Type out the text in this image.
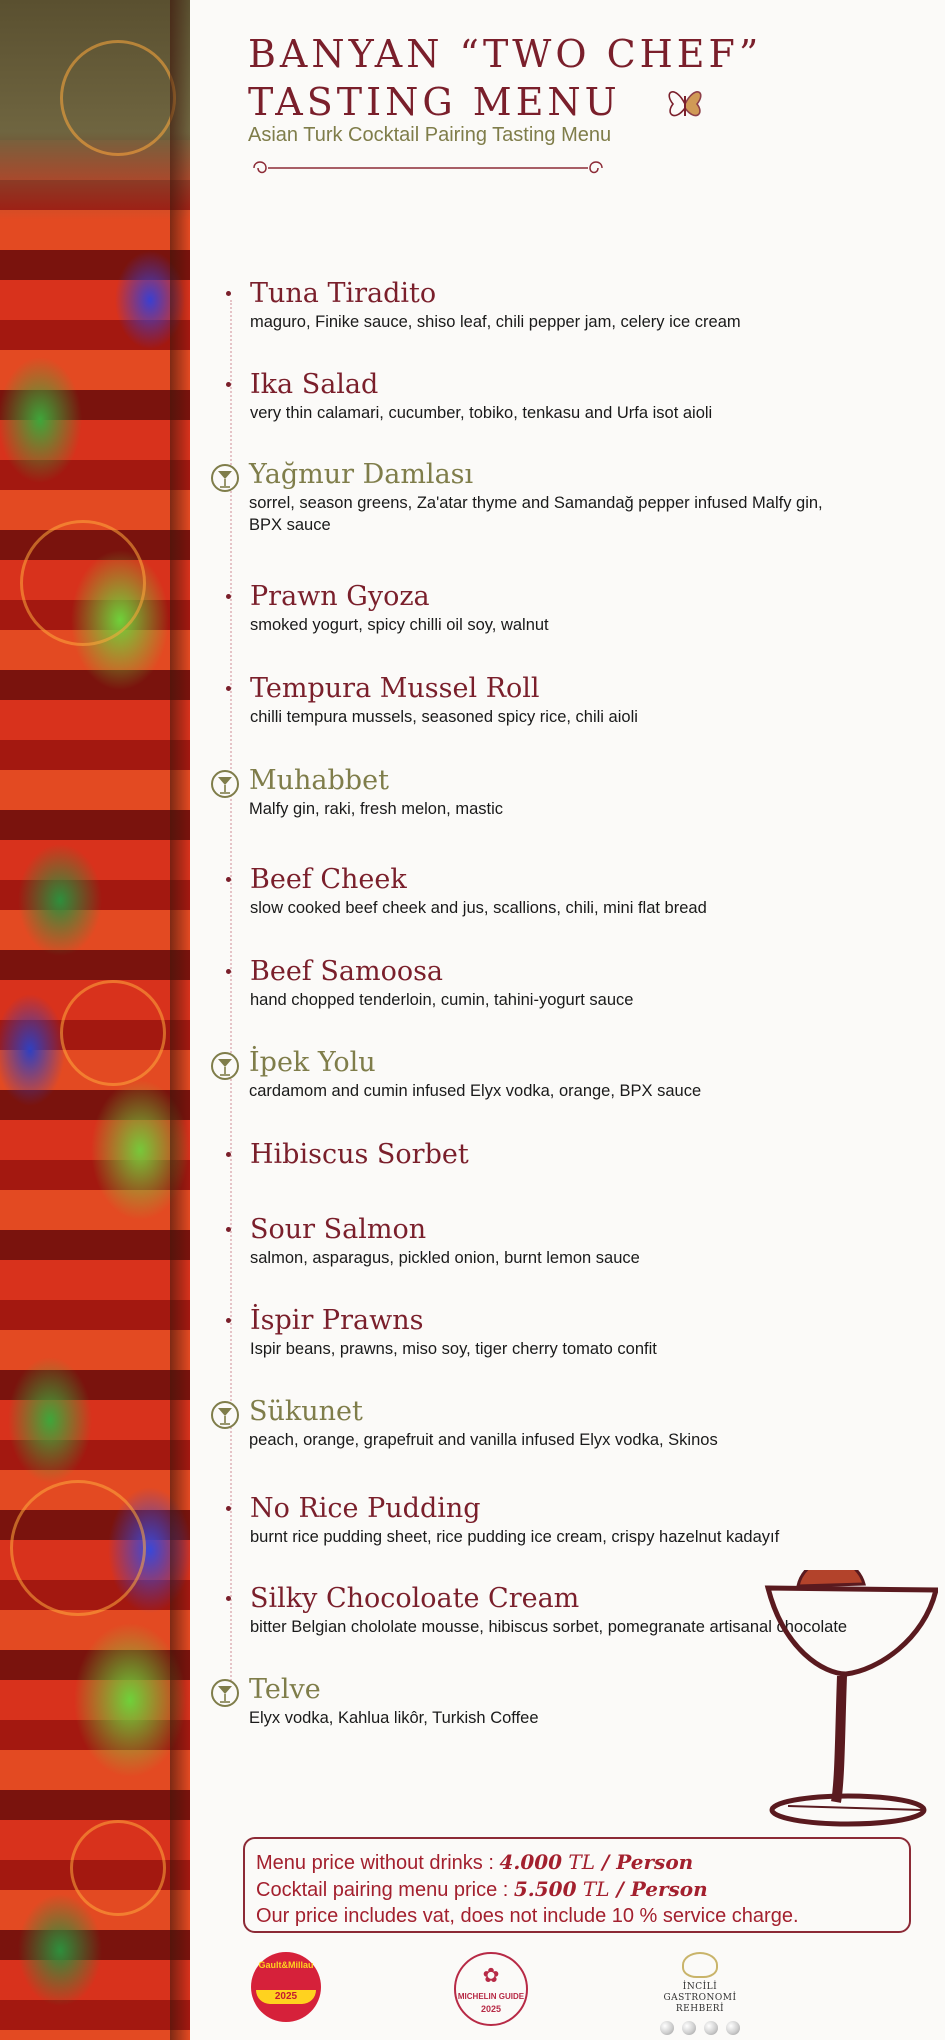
BANYAN “TWO CHEF”
TASTING MENU

Asian Turk Cocktail Pairing Tasting Menu

Tuna Tiradito

maguro, Finike sauce, shiso leaf, chili pepper jam, celery ice cream

Ika Salad

very thin calamari, cucumber, tobiko, tenkasu and Urfa isot aioli

Yağmur Damlası

sorrel, season greens, Za'atar thyme and Samandağ pepper infused Malfy gin, BPX sauce

Prawn Gyoza

smoked yogurt, spicy chilli oil soy, walnut

Tempura Mussel Roll

chilli tempura mussels, seasoned spicy rice, chili aioli

Muhabbet

Malfy gin, raki, fresh melon, mastic

Beef Cheek

slow cooked beef cheek and jus, scallions, chili, mini flat bread

Beef Samoosa

hand chopped tenderloin, cumin, tahini-yogurt sauce

İpek Yolu

cardamom and cumin infused Elyx vodka, orange, BPX sauce

Hibiscus Sorbet

Sour Salmon

salmon, asparagus, pickled onion, burnt lemon sauce

İspir Prawns

Ispir beans, prawns, miso soy, tiger cherry tomato confit

Sükunet

peach, orange, grapefruit and vanilla infused Elyx vodka, Skinos

No Rice Pudding

burnt rice pudding sheet, rice pudding ice cream, crispy hazelnut kadayıf

Silky Chocoloate Cream

bitter Belgian chololate mousse, hibiscus sorbet, pomegranate artisanal chocolate

Telve

Elyx vodka, Kahlua likôr, Turkish Coffee

Menu price without drinks : 4.000 TL / Person

Cocktail pairing menu price : 5.500 TL / Person

Our price includes vat, does not include 10 % service charge.

Gault&Millau
2025
✿
MICHELIN GUIDE
2025
İNCİLİ GASTRONOMİ
REHBERİ
